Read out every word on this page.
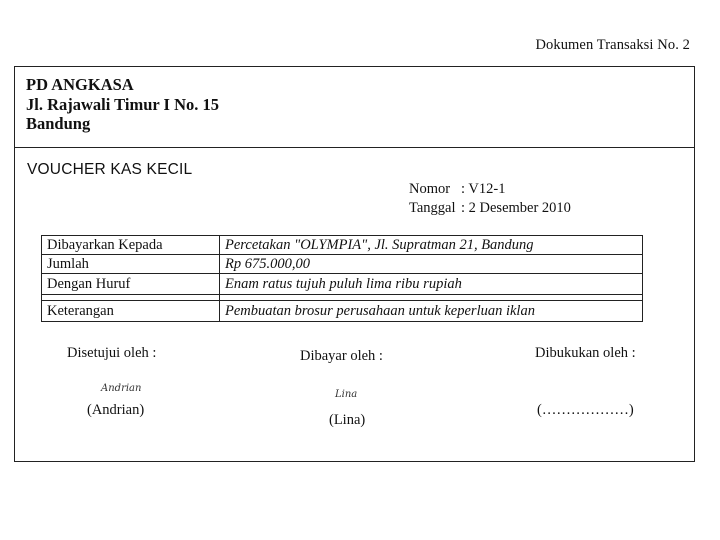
Dokumen Transaksi No. 2
PD ANGKASA
Jl. Rajawali Timur I No. 15
Bandung
VOUCHER KAS KECIL
Nomor : V12-1
Tanggal : 2 Desember 2010
Dibayarkan Kepada	Percetakan "OLYMPIA", Jl. Supratman 21, Bandung
Jumlah	Rp 675.000,00
Dengan Huruf	Enam ratus tujuh puluh lima ribu rupiah

Keterangan	Pembuatan brosur perusahaan untuk keperluan iklan
Disetujui oleh :
Andrian
(Andrian)
Dibayar oleh :
Lina
(Lina)
Dibukukan oleh :
(………………)
